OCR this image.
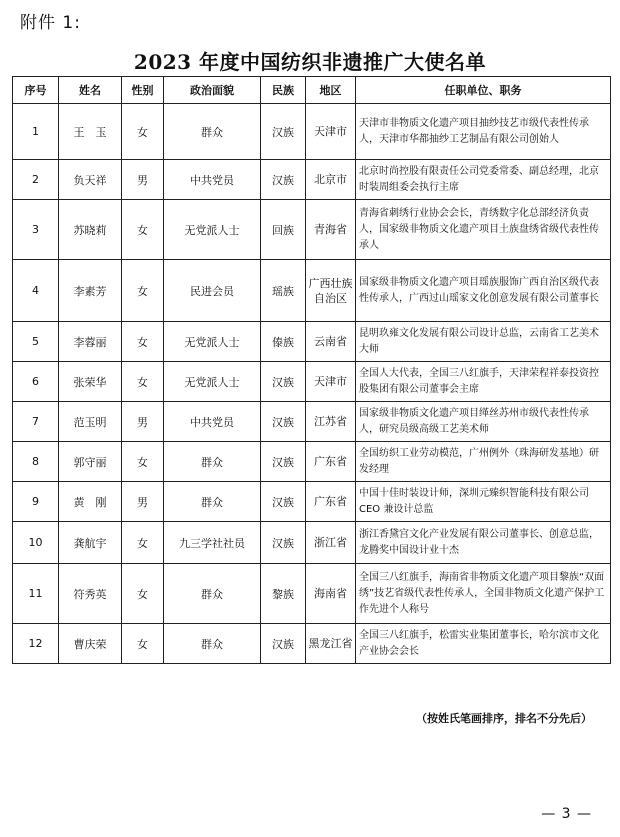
附件 1:
2023 年度中国纺织非遗推广大使名单
序号	姓名	性别	政治面貌	民族	地区	任职单位、职务
1	王　玉	女	群众	汉族	天津市	天津市非物质文化遗产项目抽纱技艺市级代表性传承人，天津市华都抽纱工艺制品有限公司创始人
2	负天祥	男	中共党员	汉族	北京市	北京时尚控股有限责任公司党委常委、副总经理，北京时装周组委会执行主席
3	苏晓莉	女	无党派人士	回族	青海省	青海省刺绣行业协会会长，青绣数字化总部经济负责人，国家级非物质文化遗产项目土族盘绣省级代表性传承人
4	李素芳	女	民进会员	瑶族	广西壮族自治区	国家级非物质文化遗产项目瑶族服饰广西自治区级代表性传承人，广西过山瑶家文化创意发展有限公司董事长
5	李蓉丽	女	无党派人士	傣族	云南省	昆明玖雍文化发展有限公司设计总监，云南省工艺美术大师
6	张荣华	女	无党派人士	汉族	天津市	全国人大代表，全国三八红旗手，天津荣程祥泰投资控股集团有限公司董事会主席
7	范玉明	男	中共党员	汉族	江苏省	国家级非物质文化遗产项目缂丝苏州市级代表性传承人，研究员级高级工艺美术师
8	郭守丽	女	群众	汉族	广东省	全国纺织工业劳动模范，广州例外（珠海研发基地）研发经理
9	黄　刚	男	群众	汉族	广东省	中国十佳时装设计师，深圳元臻织智能科技有限公司 CEO 兼设计总监
10	龚航宇	女	九三学社社员	汉族	浙江省	浙江香黛宫文化产业发展有限公司董事长、创意总监，龙腾奖中国设计业十杰
11	符秀英	女	群众	黎族	海南省	全国三八红旗手，海南省非物质文化遗产项目黎族“双面绣”技艺省级代表性传承人，全国非物质文化遗产保护工作先进个人称号
12	曹庆荣	女	群众	汉族	黑龙江省	全国三八红旗手，松雷实业集团董事长，哈尔滨市文化产业协会会长
（按姓氏笔画排序，排名不分先后）
— 3 —
